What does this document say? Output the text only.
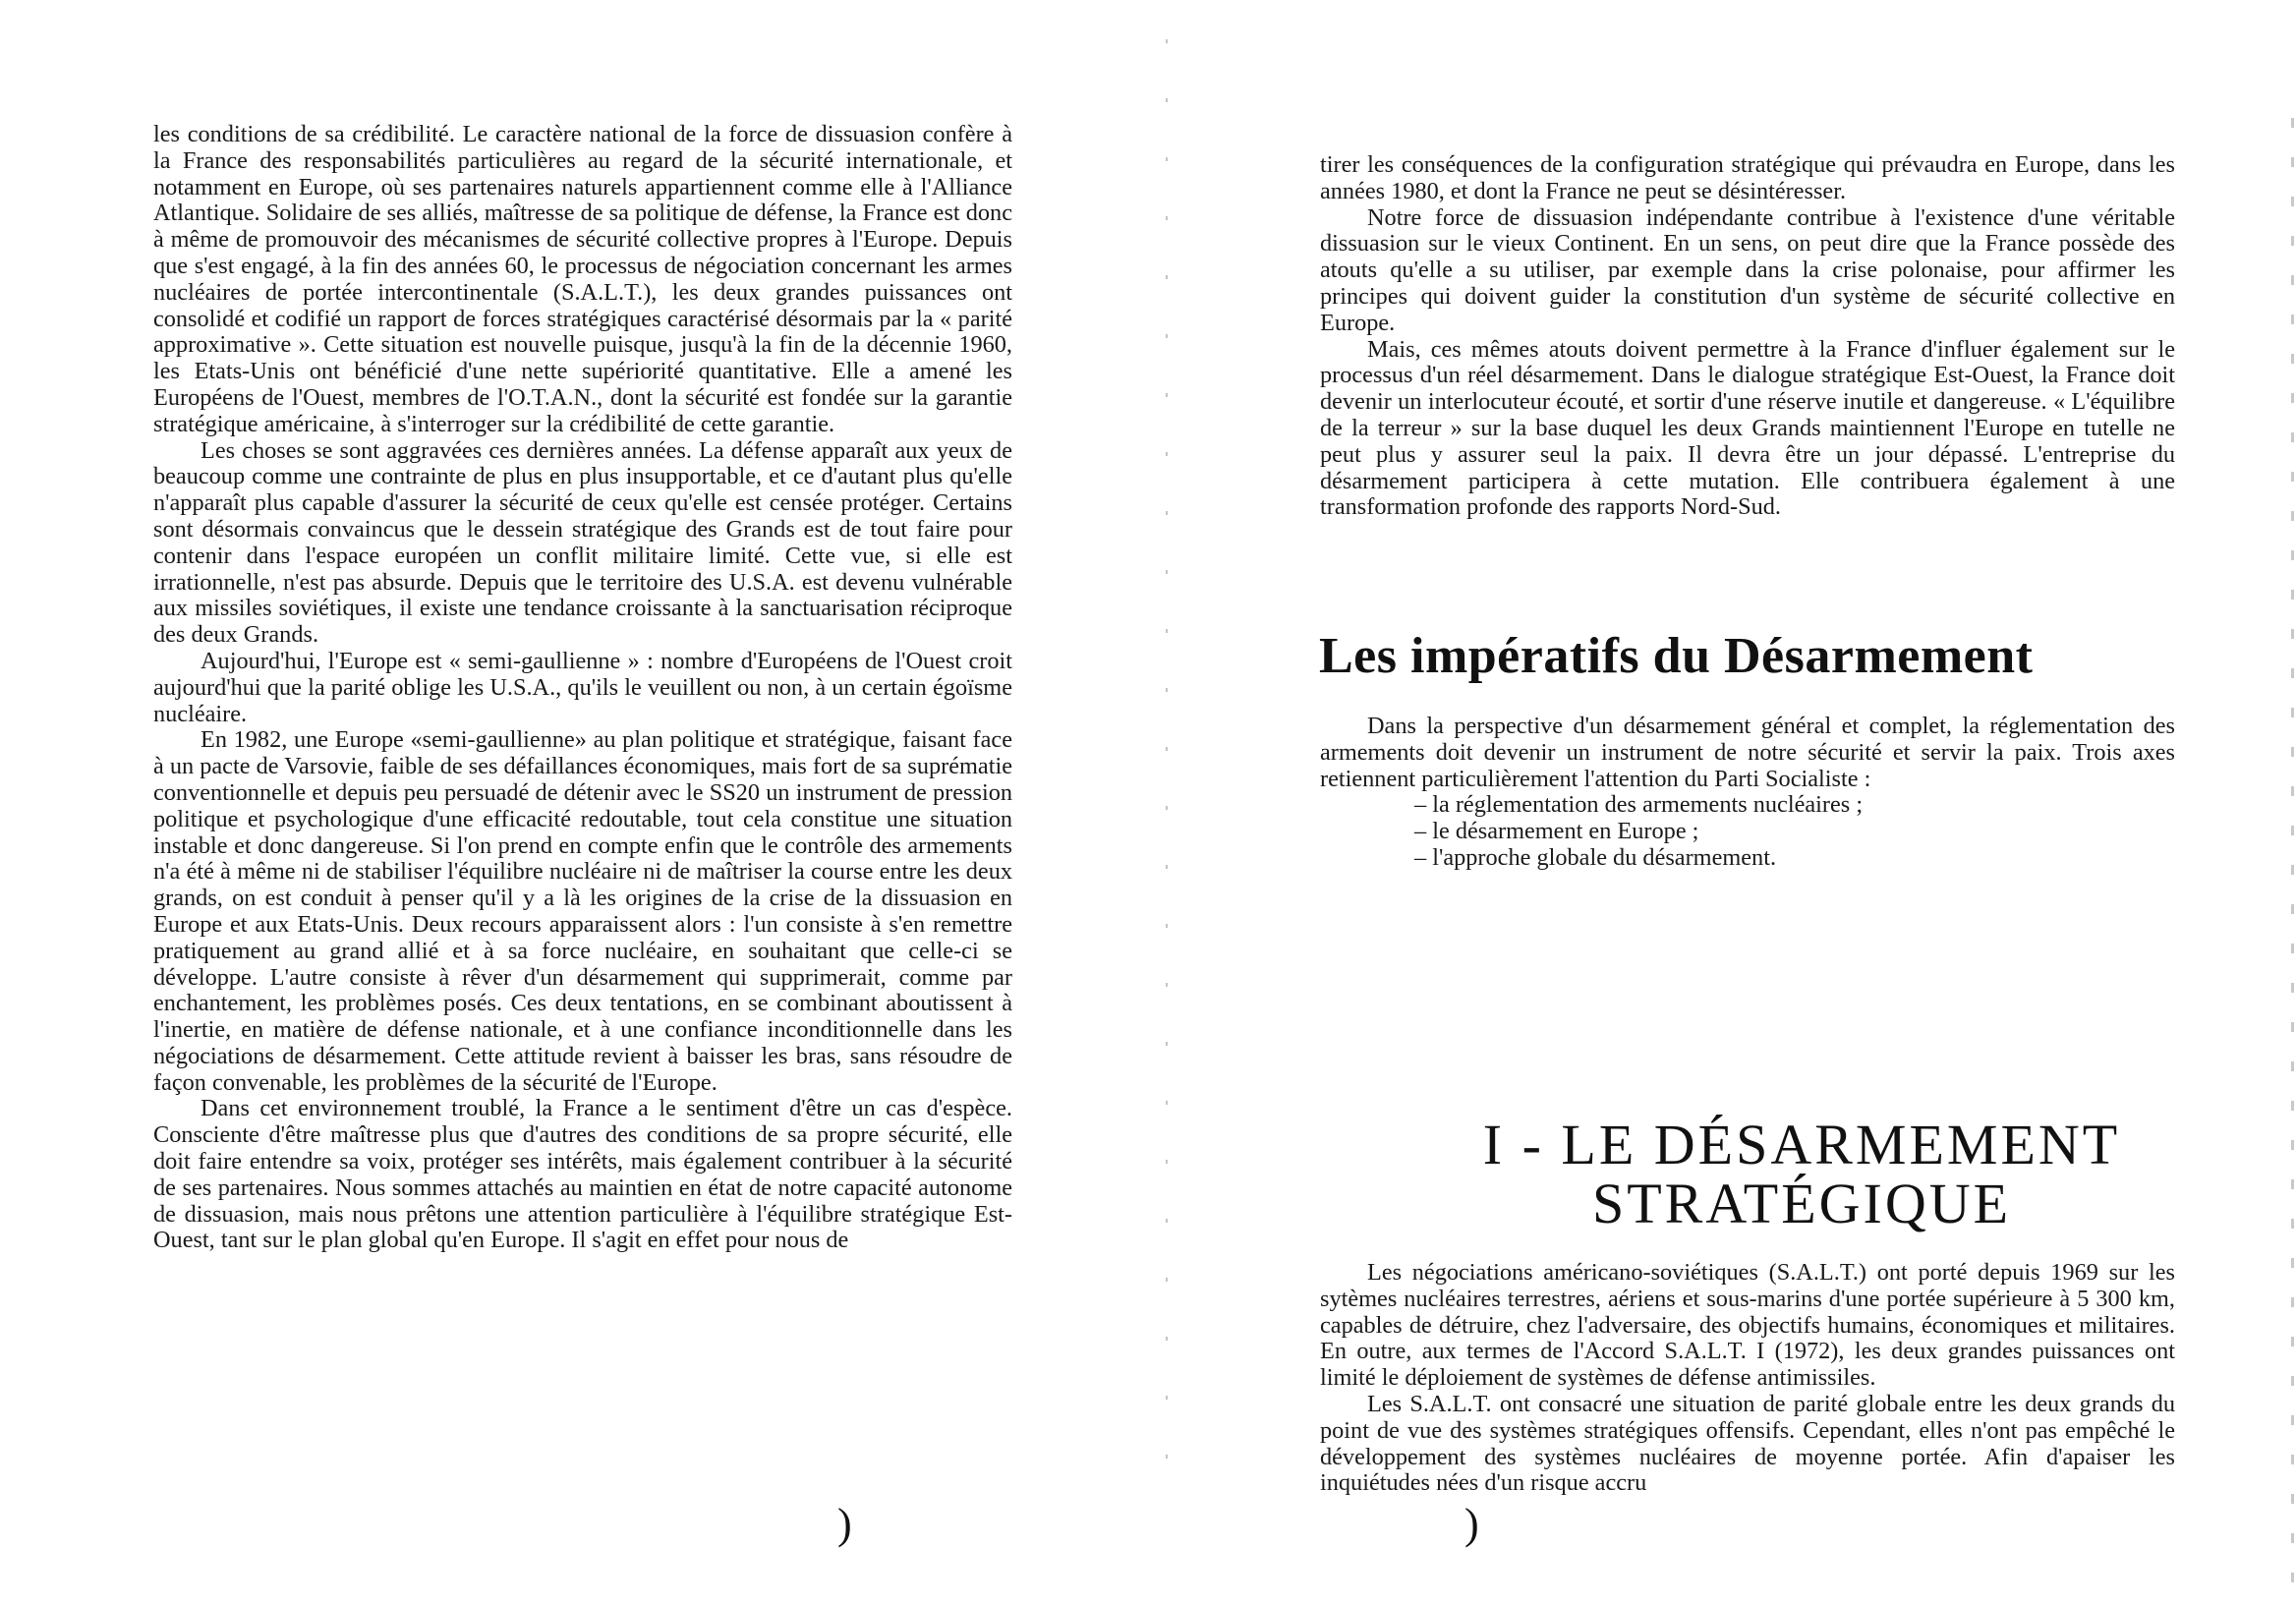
les conditions de sa crédibilité. Le caractère national de la force de dissuasion confère à la France des responsabilités particulières au regard de la sécurité internationale, et notamment en Europe, où ses partenaires naturels appartiennent comme elle à l'Alliance Atlantique. Solidaire de ses alliés, maîtresse de sa politique de défense, la France est donc à même de promouvoir des mécanismes de sécurité collective propres à l'Europe. Depuis que s'est engagé, à la fin des années 60, le processus de négociation concernant les armes nucléaires de portée intercontinentale (S.A.L.T.), les deux grandes puissances ont consolidé et codifié un rapport de forces stratégiques caractérisé désormais par la « parité approximative ». Cette situation est nouvelle puisque, jusqu'à la fin de la décennie 1960, les Etats-Unis ont bénéficié d'une nette supériorité quantitative. Elle a amené les Européens de l'Ouest, membres de l'O.T.A.N., dont la sécurité est fondée sur la garantie stratégique américaine, à s'interroger sur la crédibilité de cette garantie.

Les choses se sont aggravées ces dernières années. La défense apparaît aux yeux de beaucoup comme une contrainte de plus en plus insupportable, et ce d'autant plus qu'elle n'apparaît plus capable d'assurer la sécurité de ceux qu'elle est censée protéger. Certains sont désormais convaincus que le dessein stratégique des Grands est de tout faire pour contenir dans l'espace européen un conflit militaire limité. Cette vue, si elle est irrationnelle, n'est pas absurde. Depuis que le territoire des U.S.A. est devenu vulnérable aux missiles soviétiques, il existe une tendance croissante à la sanctuarisation réciproque des deux Grands.

Aujourd'hui, l'Europe est « semi-gaullienne » : nombre d'Européens de l'Ouest croit aujourd'hui que la parité oblige les U.S.A., qu'ils le veuillent ou non, à un certain égoïsme nucléaire.

En 1982, une Europe «semi-gaullienne» au plan politique et stratégique, faisant face à un pacte de Varsovie, faible de ses défaillances économiques, mais fort de sa suprématie conventionnelle et depuis peu persuadé de détenir avec le SS20 un instrument de pression politique et psychologique d'une efficacité redoutable, tout cela constitue une situation instable et donc dangereuse. Si l'on prend en compte enfin que le contrôle des armements n'a été à même ni de stabiliser l'équilibre nucléaire ni de maîtriser la course entre les deux grands, on est conduit à penser qu'il y a là les origines de la crise de la dissuasion en Europe et aux Etats-Unis. Deux recours apparaissent alors : l'un consiste à s'en remettre pratiquement au grand allié et à sa force nucléaire, en souhaitant que celle-ci se développe. L'autre consiste à rêver d'un désarmement qui supprimerait, comme par enchantement, les problèmes posés. Ces deux tentations, en se combinant aboutissent à l'inertie, en matière de défense nationale, et à une confiance inconditionnelle dans les négociations de désarmement. Cette attitude revient à baisser les bras, sans résoudre de façon convenable, les problèmes de la sécurité de l'Europe.

Dans cet environnement troublé, la France a le sentiment d'être un cas d'espèce. Consciente d'être maîtresse plus que d'autres des conditions de sa propre sécurité, elle doit faire entendre sa voix, protéger ses intérêts, mais également contribuer à la sécurité de ses partenaires. Nous sommes attachés au maintien en état de notre capacité autonome de dissuasion, mais nous prêtons une attention particulière à l'équilibre stratégique Est-Ouest, tant sur le plan global qu'en Europe. Il s'agit en effet pour nous de

)

tirer les conséquences de la configuration stratégique qui prévaudra en Europe, dans les années 1980, et dont la France ne peut se désintéresser.

Notre force de dissuasion indépendante contribue à l'existence d'une véritable dissuasion sur le vieux Continent. En un sens, on peut dire que la France possède des atouts qu'elle a su utiliser, par exemple dans la crise polonaise, pour affirmer les principes qui doivent guider la constitution d'un système de sécurité collective en Europe.

Mais, ces mêmes atouts doivent permettre à la France d'influer également sur le processus d'un réel désarmement. Dans le dialogue stratégique Est-Ouest, la France doit devenir un interlocuteur écouté, et sortir d'une réserve inutile et dangereuse. « L'équilibre de la terreur » sur la base duquel les deux Grands maintiennent l'Europe en tutelle ne peut plus y assurer seul la paix. Il devra être un jour dépassé. L'entreprise du désarmement participera à cette mutation. Elle contribuera également à une transformation profonde des rapports Nord-Sud.

Les impératifs du Désarmement

Dans la perspective d'un désarmement général et complet, la réglementation des armements doit devenir un instrument de notre sécurité et servir la paix. Trois axes retiennent particulièrement l'attention du Parti Socialiste :

– la réglementation des armements nucléaires ;

– le désarmement en Europe ;

– l'approche globale du désarmement.

I - LE DÉSARMEMENT
STRATÉGIQUE

Les négociations américano-soviétiques (S.A.L.T.) ont porté depuis 1969 sur les sytèmes nucléaires terrestres, aériens et sous-marins d'une portée supérieure à 5 300 km, capables de détruire, chez l'adversaire, des objectifs humains, économiques et militaires. En outre, aux termes de l'Accord S.A.L.T. I (1972), les deux grandes puissances ont limité le déploiement de systèmes de défense antimissiles.

Les S.A.L.T. ont consacré une situation de parité globale entre les deux grands du point de vue des systèmes stratégiques offensifs. Cependant, elles n'ont pas empêché le développement des systèmes nucléaires de moyenne portée. Afin d'apaiser les inquiétudes nées d'un risque accru

)
